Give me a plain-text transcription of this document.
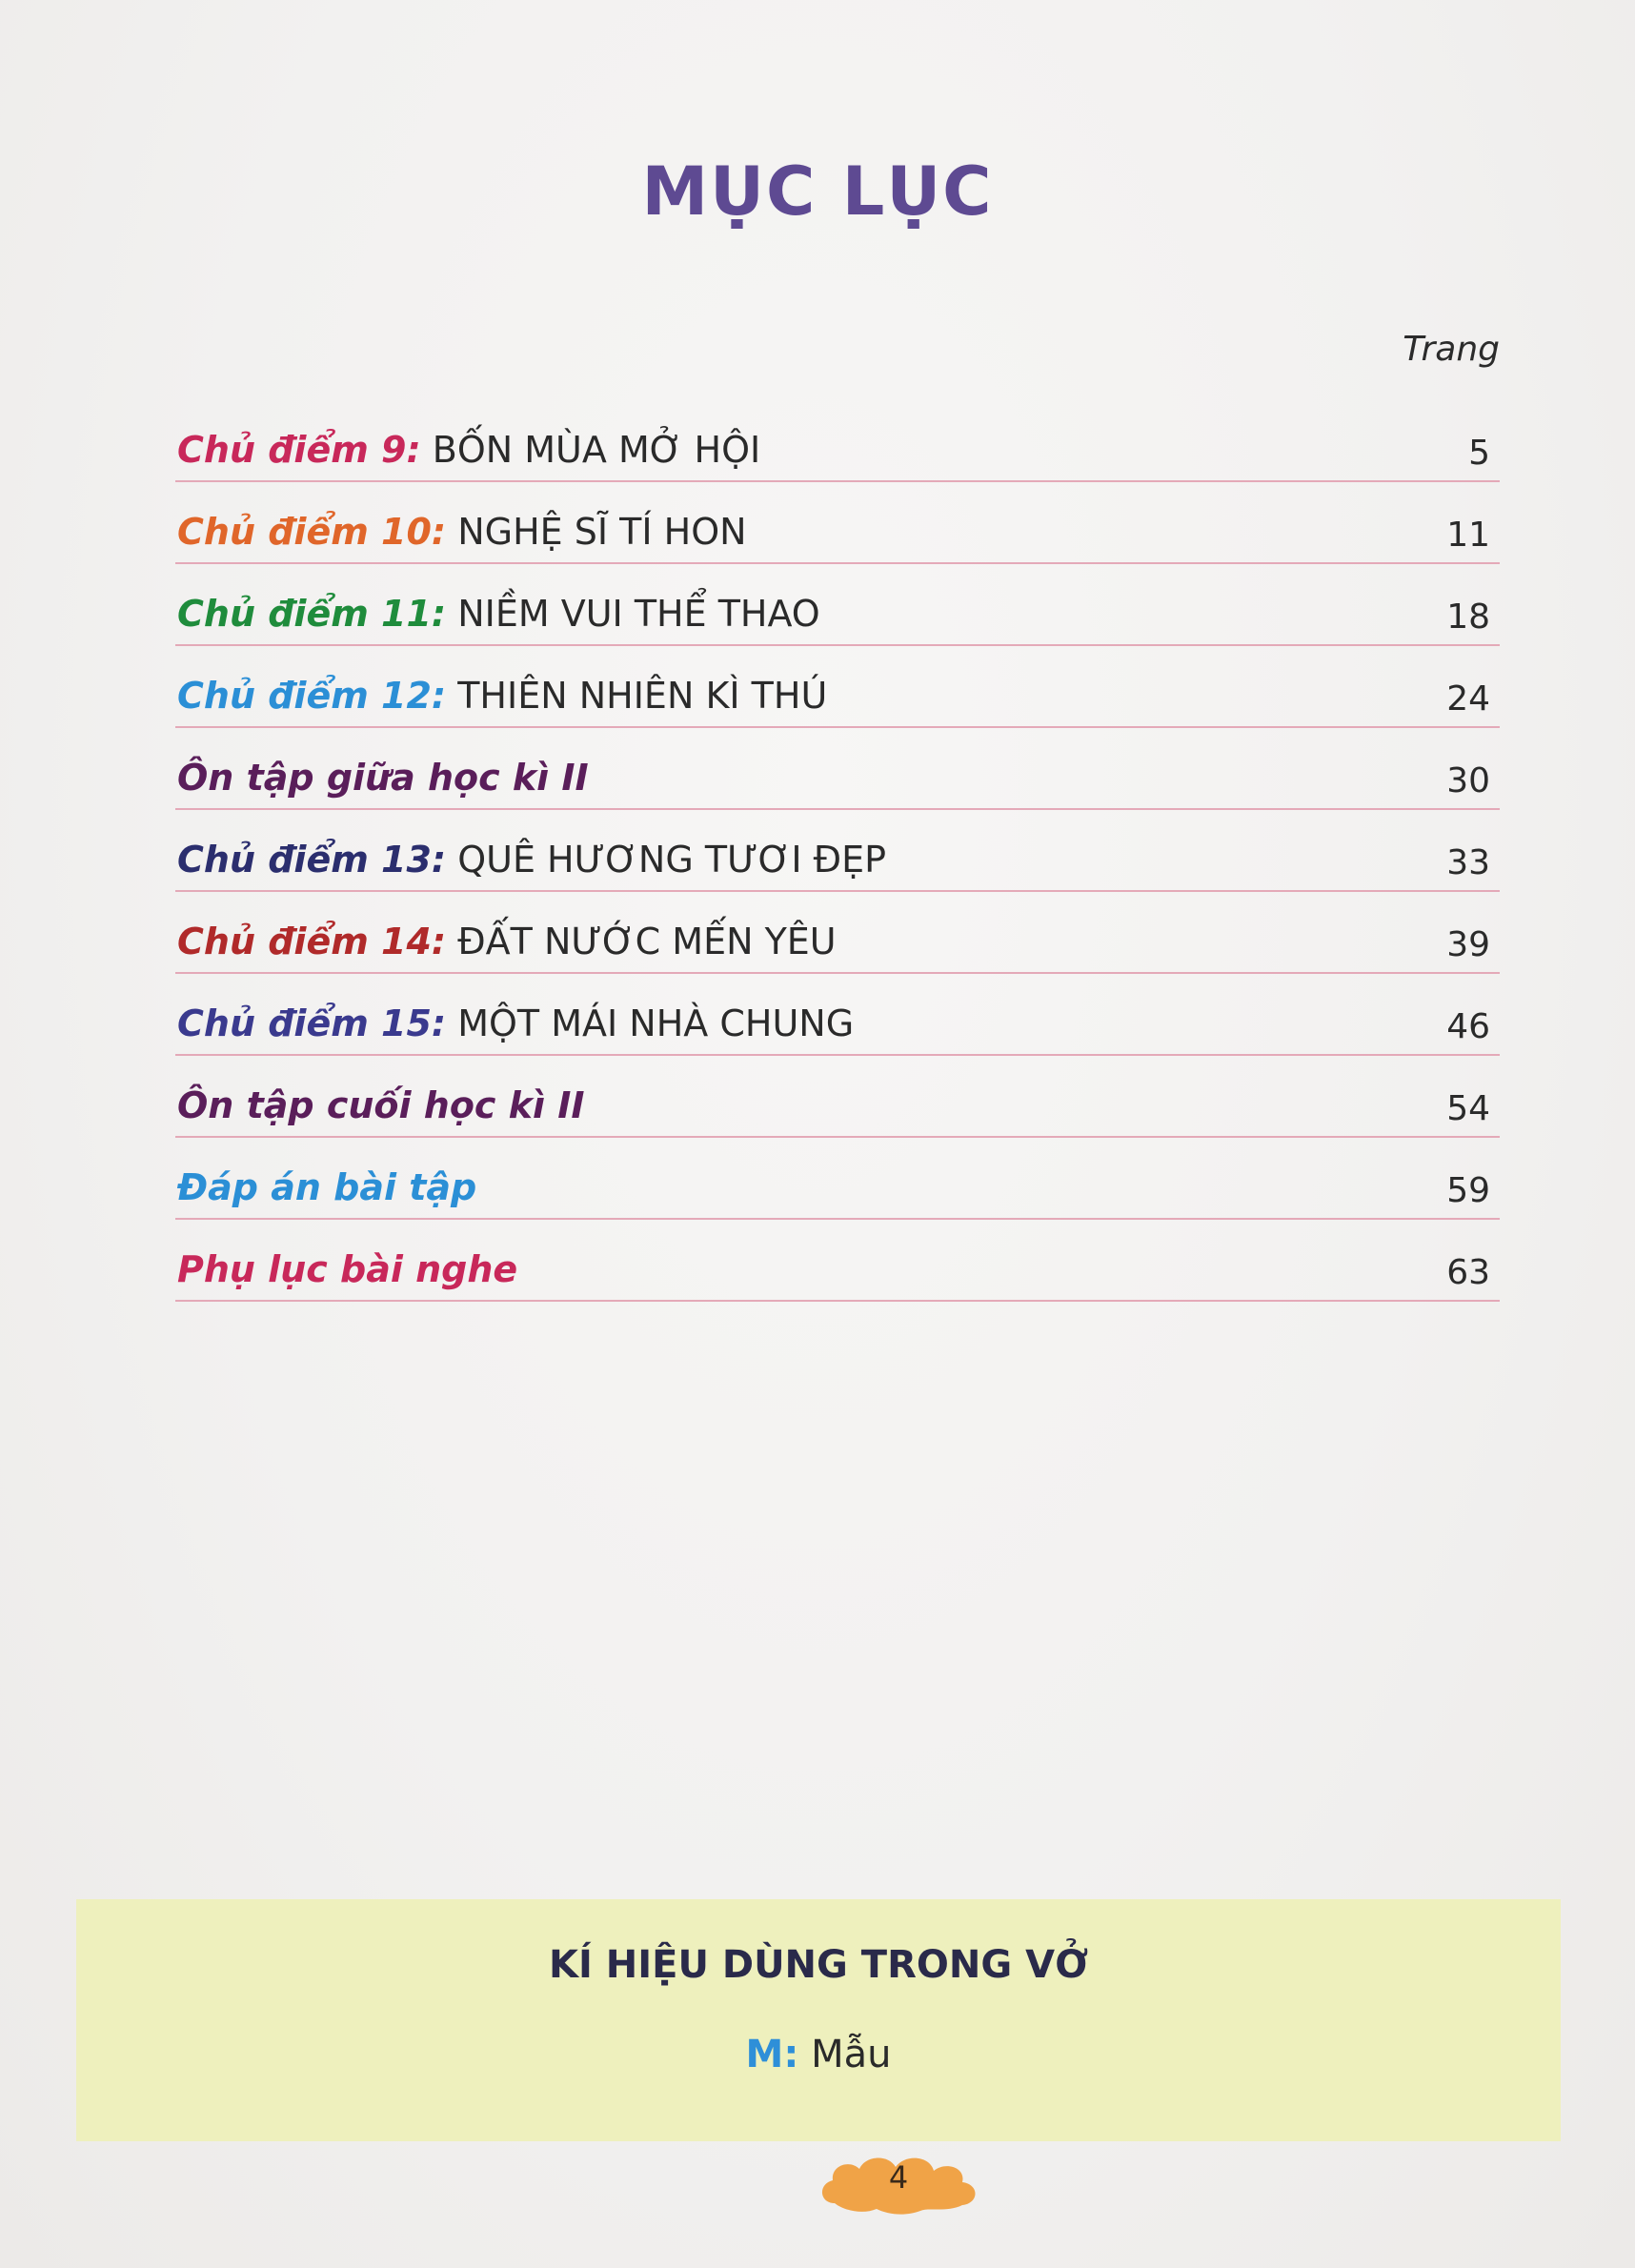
MỤC LỤC
Trang
Chủ điểm 9: BỐN MÙA MỞ HỘI	5
Chủ điểm 10: NGHỆ SĨ TÍ HON	11
Chủ điểm 11: NIỀM VUI THỂ THAO	18
Chủ điểm 12: THIÊN NHIÊN KÌ THÚ	24
Ôn tập giữa học kì II	30
Chủ điểm 13: QUÊ HƯƠNG TƯƠI ĐẸP	33
Chủ điểm 14: ĐẤT NƯỚC MẾN YÊU	39
Chủ điểm 15: MỘT MÁI NHÀ CHUNG	46
Ôn tập cuối học kì II	54
Đáp án bài tập	59
Phụ lục bài nghe	63
KÍ HIỆU DÙNG TRONG VỞ
M: Mẫu
4
